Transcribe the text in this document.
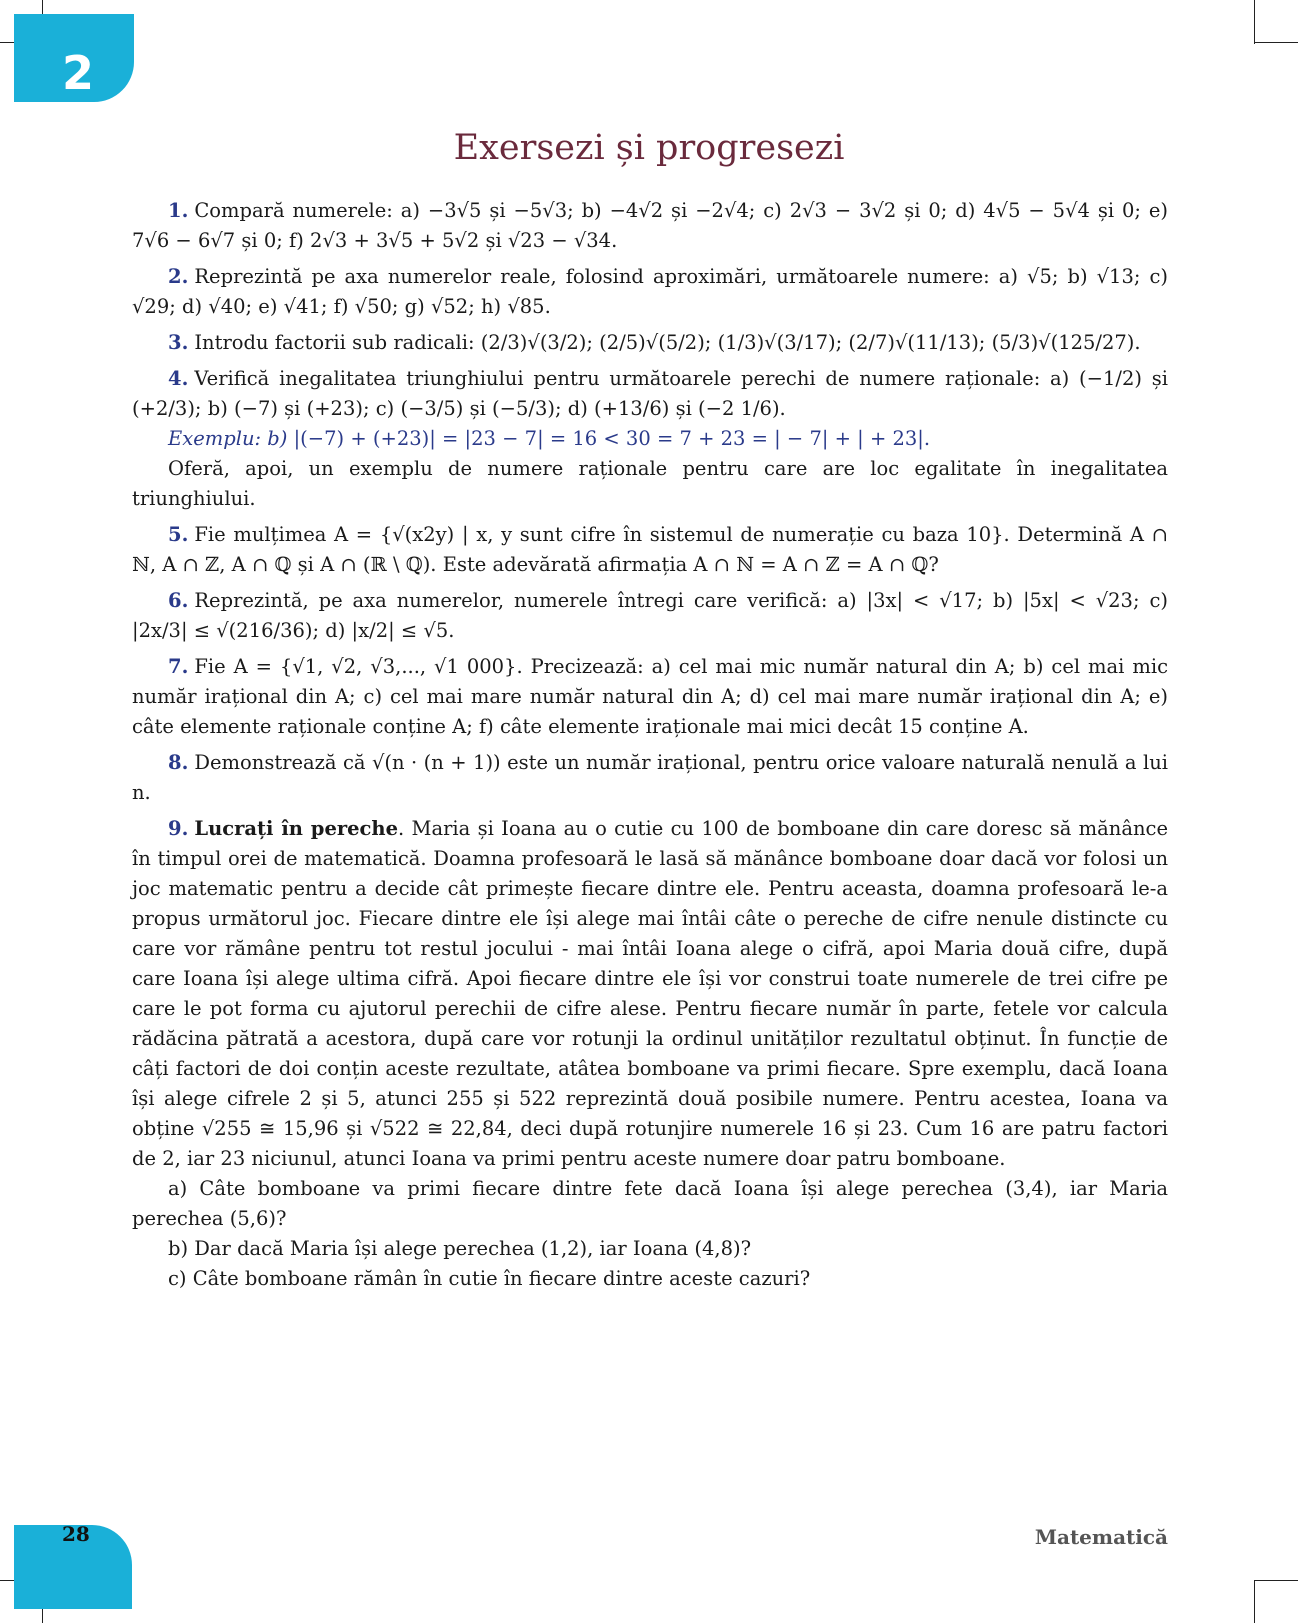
2
Exersezi și progresezi

1. Compară numerele: a) −3√5 și −5√3; b) −4√2 și −2√4; c) 2√3 − 3√2 și 0; d) 4√5 − 5√4 și 0; e) 7√6 − 6√7 și 0; f) 2√3 + 3√5 + 5√2 și √23 − √34.

2. Reprezintă pe axa numerelor reale, folosind aproximări, următoarele numere: a) √5; b) √13; c) √29; d) √40; e) √41; f) √50; g) √52; h) √85.

3. Introdu factorii sub radicali: (2/3)√(3/2); (2/5)√(5/2); (1/3)√(3/17); (2/7)√(11/13); (5/3)√(125/27).

4. Verifică inegalitatea triunghiului pentru următoarele perechi de numere raționale: a) (−1/2) și (+2/3); b) (−7) și (+23); c) (−3/5) și (−5/3); d) (+13/6) și (−2 1/6).

Exemplu: b) |(−7) + (+23)| = |23 − 7| = 16 < 30 = 7 + 23 = | − 7| + | + 23|.

Oferă, apoi, un exemplu de numere raționale pentru care are loc egalitate în inegalitatea triunghiului.

5. Fie mulțimea A = {√(x2y) | x, y sunt cifre în sistemul de numerație cu baza 10}. Determină A ∩ ℕ, A ∩ ℤ, A ∩ ℚ și A ∩ (ℝ \ ℚ). Este adevărată afirmația A ∩ ℕ = A ∩ ℤ = A ∩ ℚ?

6. Reprezintă, pe axa numerelor, numerele întregi care verifică: a) |3x| < √17; b) |5x| < √23; c) |2x/3| ≤ √(216/36); d) |x/2| ≤ √5.

7. Fie A = {√1, √2, √3,..., √1 000}. Precizează: a) cel mai mic număr natural din A; b) cel mai mic număr irațional din A; c) cel mai mare număr natural din A; d) cel mai mare număr irațional din A; e) câte elemente raționale conține A; f) câte elemente iraționale mai mici decât 15 conține A.

8. Demonstrează că √(n · (n + 1)) este un număr irațional, pentru orice valoare naturală nenulă a lui n.

9. Lucrați în pereche. Maria și Ioana au o cutie cu 100 de bomboane din care doresc să mănânce în timpul orei de matematică. Doamna profesoară le lasă să mănânce bomboane doar dacă vor folosi un joc matematic pentru a decide cât primește fiecare dintre ele. Pentru aceasta, doamna profesoară le-a propus următorul joc. Fiecare dintre ele își alege mai întâi câte o pereche de cifre nenule distincte cu care vor rămâne pentru tot restul jocului - mai întâi Ioana alege o cifră, apoi Maria două cifre, după care Ioana își alege ultima cifră. Apoi fiecare dintre ele își vor construi toate numerele de trei cifre pe care le pot forma cu ajutorul perechii de cifre alese. Pentru fiecare număr în parte, fetele vor calcula rădăcina pătrată a acestora, după care vor rotunji la ordinul unităților rezultatul obținut. În funcție de câți factori de doi conțin aceste rezultate, atâtea bomboane va primi fiecare. Spre exemplu, dacă Ioana își alege cifrele 2 și 5, atunci 255 și 522 reprezintă două posibile numere. Pentru acestea, Ioana va obține √255 ≅ 15,96 și √522 ≅ 22,84, deci după rotunjire numerele 16 și 23. Cum 16 are patru factori de 2, iar 23 niciunul, atunci Ioana va primi pentru aceste numere doar patru bomboane.

a) Câte bomboane va primi fiecare dintre fete dacă Ioana își alege perechea (3,4), iar Maria perechea (5,6)?

b) Dar dacă Maria își alege perechea (1,2), iar Ioana (4,8)?

c) Câte bomboane rămân în cutie în fiecare dintre aceste cazuri?

28	Matematică
